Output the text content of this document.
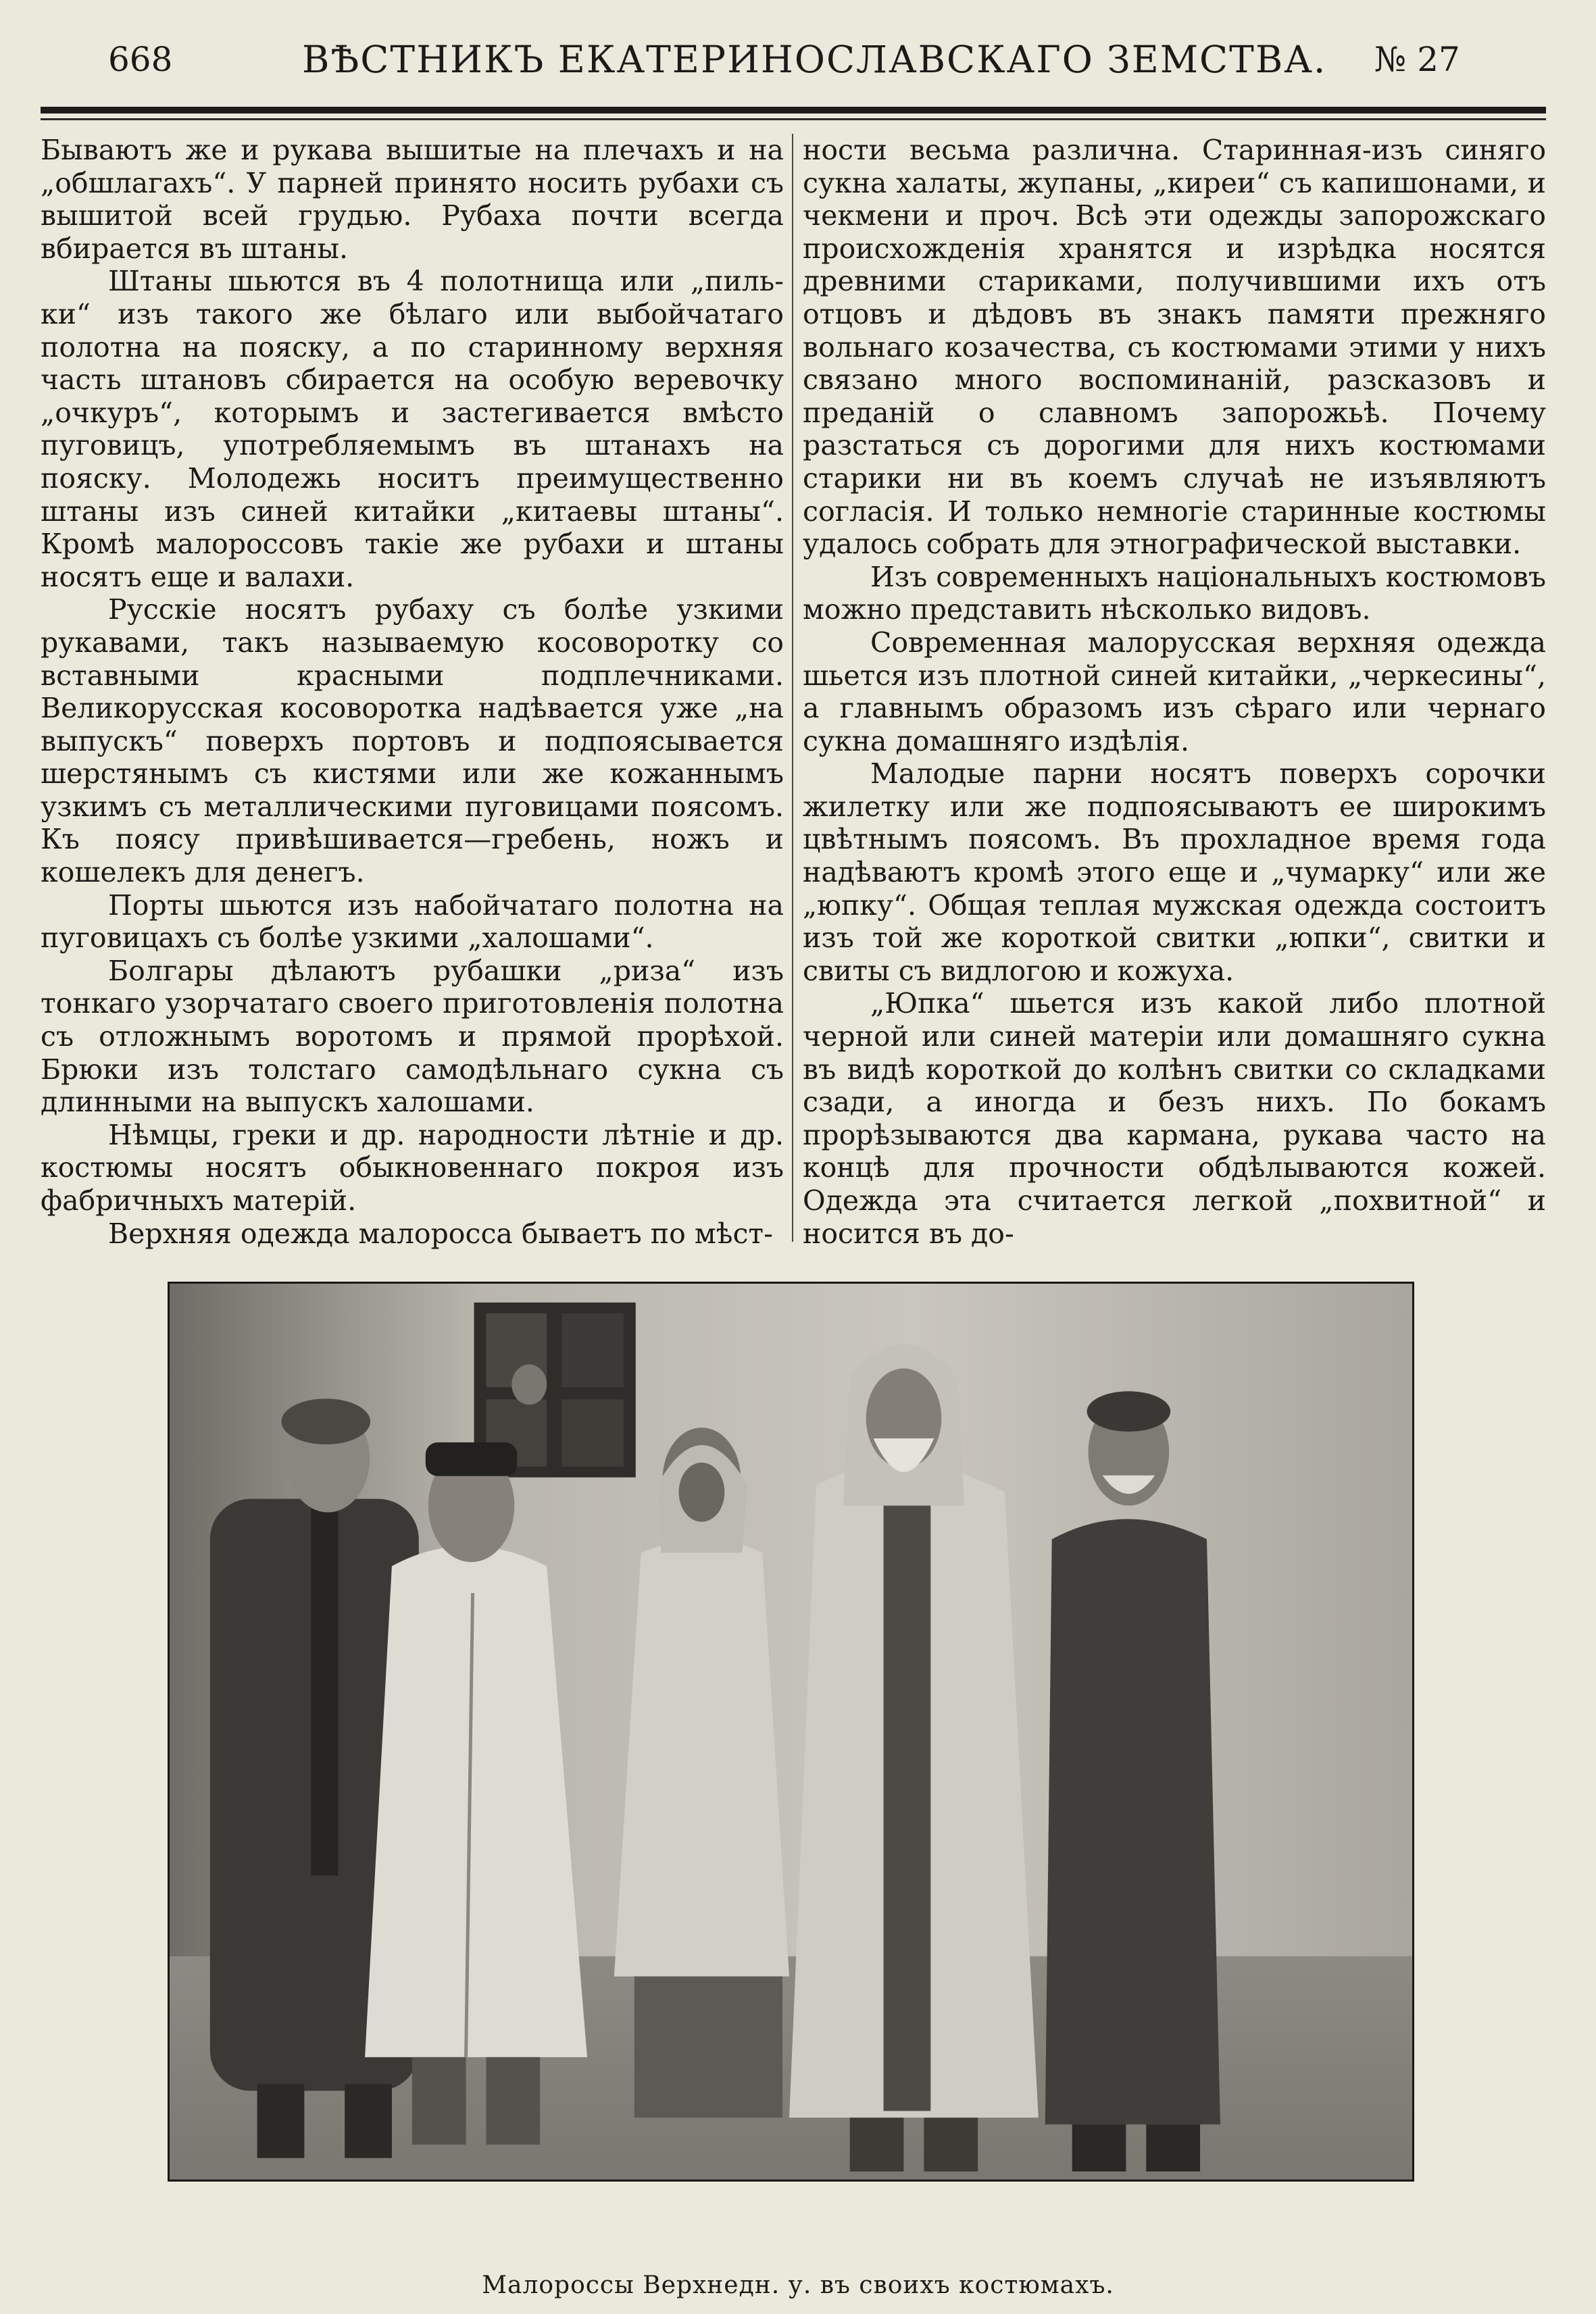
668	ВѢСТНИКЪ ЕКАТЕРИНОСЛАВСКАГО ЗЕМСТВА. № 27

Бываютъ же и рукава вышитые на плечахъ и на „обшлагахъ“. У парней принято носить рубахи съ вышитой всей грудью. Рубаха почти всегда вбирается въ штаны.

Штаны шьются въ 4 полотнища или „пиль-ки“ изъ такого же бѣлаго или выбойчатаго полотна на пояску, а по старинному верхняя часть штановъ сбирается на особую веревочку „очкуръ“, которымъ и застегивается вмѣсто пуговицъ, употребляемымъ въ штанахъ на пояску. Молодежь носитъ преимущественно штаны изъ синей китайки „китаевы штаны“. Кромѣ малороссовъ такіе же рубахи и штаны носятъ еще и валахи.

Русскіе носятъ рубаху съ болѣе узкими рукавами, такъ называемую косоворотку со вставными красными подплечниками. Великорусская косоворотка надѣвается уже „на выпускъ“ поверхъ портовъ и подпоясывается шерстянымъ съ кистями или же кожаннымъ узкимъ съ металлическими пуговицами поясомъ. Къ поясу привѣшивается—гребень, ножъ и кошелекъ для денегъ.

Порты шьются изъ набойчатаго полотна на пуговицахъ съ болѣе узкими „халошами“.

Болгары дѣлаютъ рубашки „риза“ изъ тонкаго узорчатаго своего приготовленія полотна съ отложнымъ воротомъ и прямой прорѣхой. Брюки изъ толстаго самодѣльнаго сукна съ длинными на выпускъ халошами.

Нѣмцы, греки и др. народности лѣтніе и др. костюмы носятъ обыкновеннаго покроя изъ фабричныхъ матерій.

Верхняя одежда малоросса бываетъ по мѣст-

ности весьма различна. Старинная-изъ синяго сукна халаты, жупаны, „киреи“ съ капишонами, и чекмени и проч. Всѣ эти одежды запорожскаго происхожденія хранятся и изрѣдка носятся древними стариками, получившими ихъ отъ отцовъ и дѣдовъ въ знакъ памяти прежняго вольнаго козачества, съ костюмами этими у нихъ связано много воспоминаній, разсказовъ и преданій о славномъ запорожьѣ. Почему разстаться съ дорогими для нихъ костюмами старики ни въ коемъ случаѣ не изъявляютъ согласія. И только немногіе старинные костюмы удалось собрать для этнографической выставки.

Изъ современныхъ національныхъ костюмовъ можно представить нѣсколько видовъ.

Современная малорусская верхняя одежда шьется изъ плотной синей китайки, „черкесины“, а главнымъ образомъ изъ сѣраго или чернаго сукна домашняго издѣлія.

Малодые парни носятъ поверхъ сорочки жилетку или же подпоясываютъ ее широкимъ цвѣтнымъ поясомъ. Въ прохладное время года надѣваютъ кромѣ этого еще и „чумарку“ или же „юпку“. Общая теплая мужская одежда состоитъ изъ той же короткой свитки „юпки“, свитки и свиты съ видлогою и кожуха.

„Юпка“ шьется изъ какой либо плотной черной или синей матеріи или домашняго сукна въ видѣ короткой до колѣнъ свитки со складками сзади, а иногда и безъ нихъ. По бокамъ прорѣзываются два кармана, рукава часто на концѣ для прочности обдѣлываются кожей. Одежда эта считается легкой „похвитной“ и носится въ до-

Малороссы Верхнедн. у. въ своихъ костюмахъ.
